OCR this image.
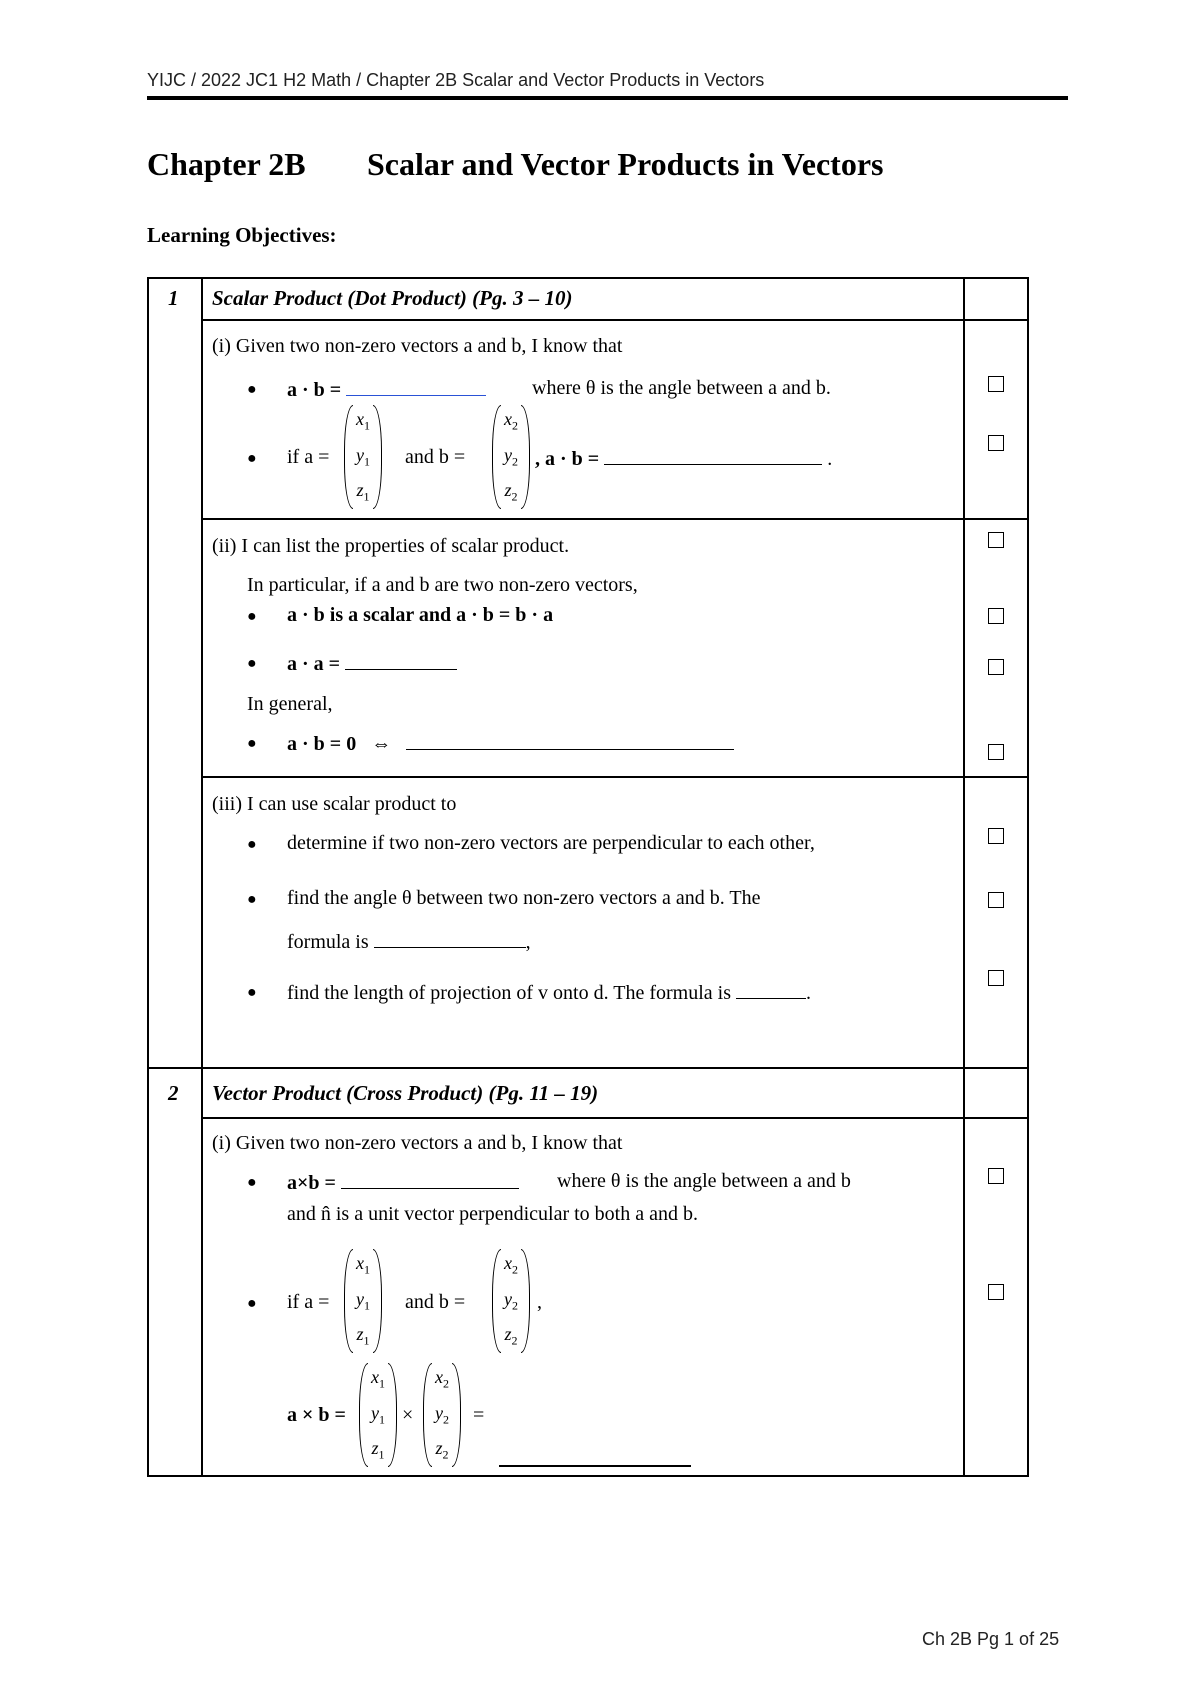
YIJC / 2022 JC1 H2 Math / Chapter 2B Scalar and Vector Products in Vectors
Chapter 2B Scalar and Vector Products in Vectors
Learning Objectives:
1 Scalar Product (Dot Product) (Pg. 3 – 10)
(i) Given two non-zero vectors a and b, I know that
● a · b =	where θ is the angle between a and b.
● if a =
$x_1$
$y_1$
$z_1$
and b =
$x_2$
$y_2$
$z_2$
, a · b =	.
(ii) I can list the properties of scalar product.
In particular, if a and b are two non-zero vectors,
● a · b is a scalar and a · b = b · a
● a · a =
In general,
● a · b = 0 ⇔
(iii) I can use scalar product to
● determine if two non-zero vectors are perpendicular to each other,
● find the angle θ between two non-zero vectors a and b. The
formula is	,
● find the length of projection of v onto d. The formula is	.
2 Vector Product (Cross Product) (Pg. 11 – 19)
(i) Given two non-zero vectors a and b, I know that
● a×b =	where θ is the angle between a and b
and n̂ is a unit vector perpendicular to both a and b.
● if a =
$x_1$
$y_1$
$z_1$
and b =
$x_2$
$y_2$
$z_2$
,
a × b =
$x_1$
$y_1$
$z_1$
×
$x_2$
$y_2$
$z_2$
=
Ch 2B Pg 1 of 25
